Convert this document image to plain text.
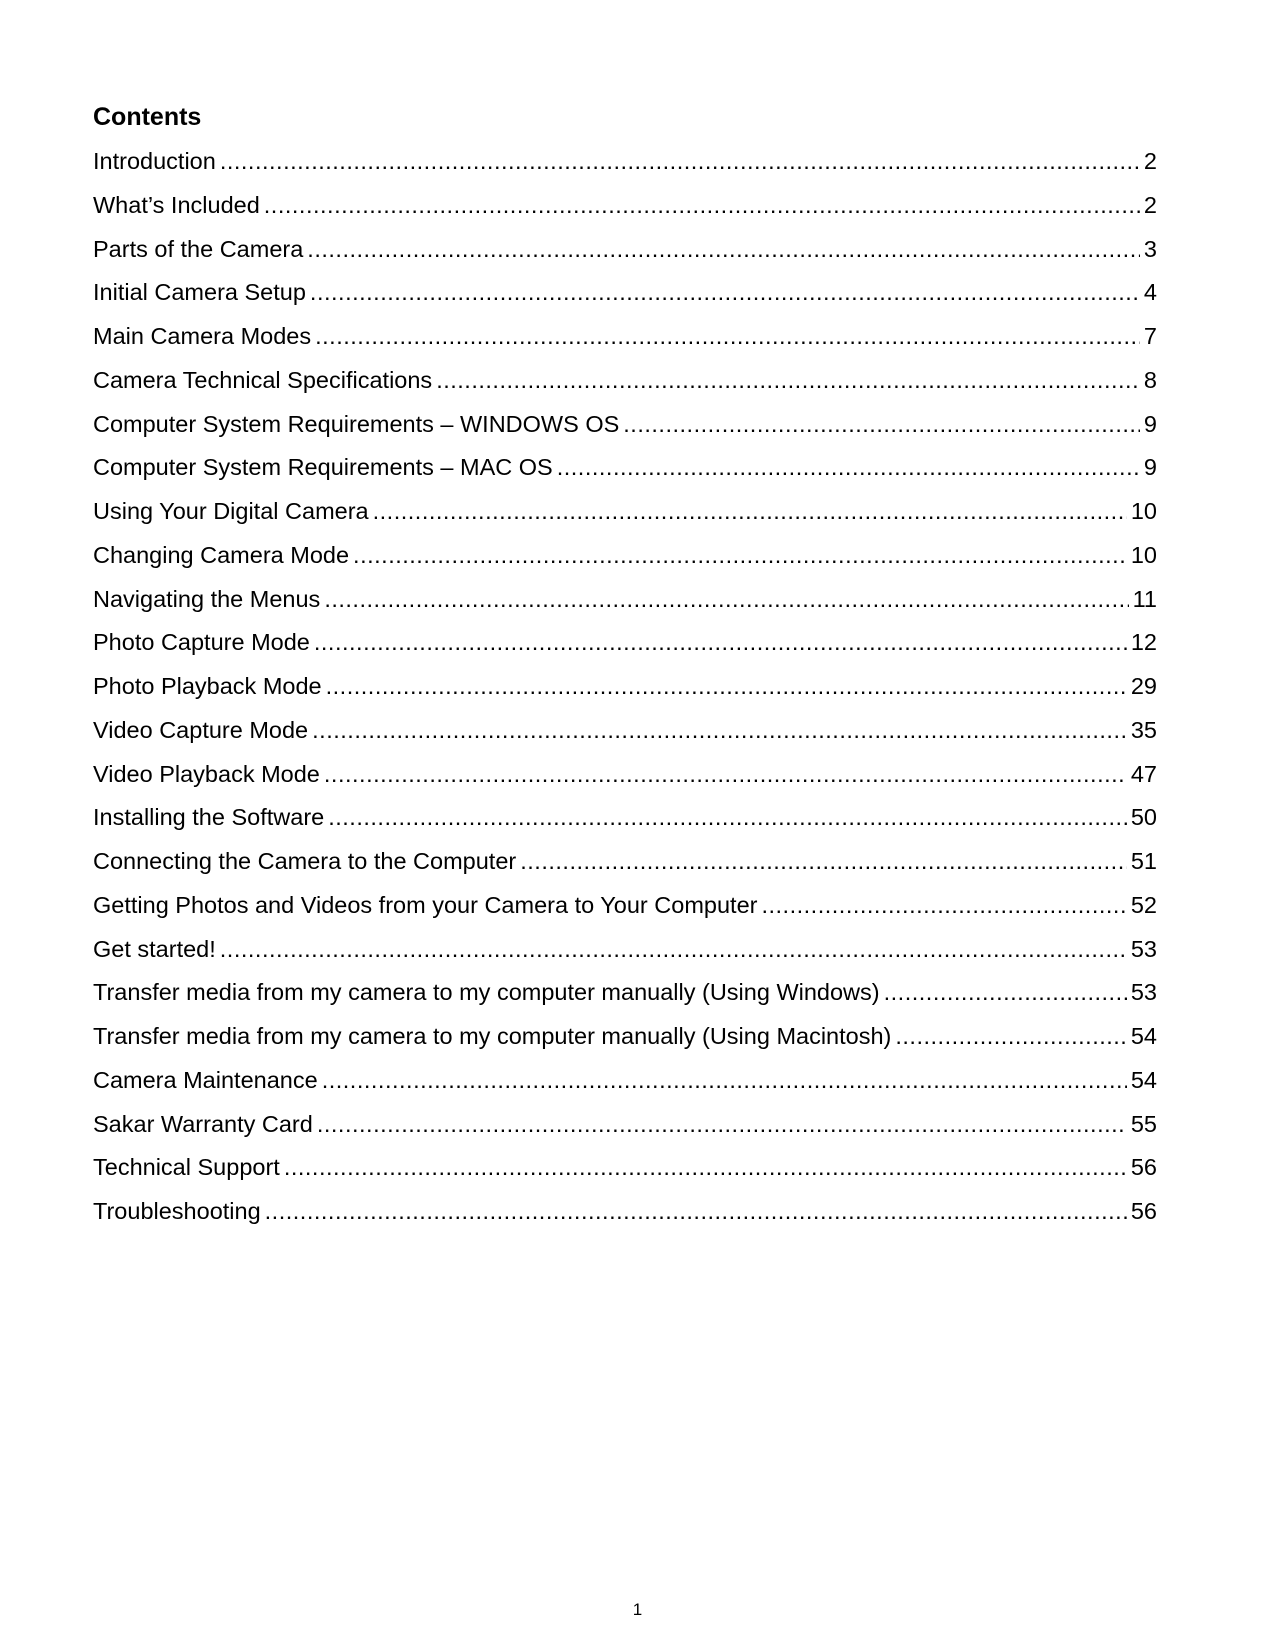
Contents
Introduction .....	2
What’s Included .....	2
Parts of the Camera .....	3
Initial Camera Setup .....	4
Main Camera Modes .....	7
Camera Technical Specifications .....	8
Computer System Requirements – WINDOWS OS .....	9
Computer System Requirements – MAC OS .....	9
Using Your Digital Camera .....	10
Changing Camera Mode .....	10
Navigating the Menus .....	11
Photo Capture Mode .....	12
Photo Playback Mode .....	29
Video Capture Mode .....	35
Video Playback Mode .....	47
Installing the Software .....	50
Connecting the Camera to the Computer .....	51
Getting Photos and Videos from your Camera to Your Computer .....	52
Get started! .....	53
Transfer media from my camera to my computer manually (Using Windows) .....	53
Transfer media from my camera to my computer manually (Using Macintosh) .....	54
Camera Maintenance .....	54
Sakar Warranty Card .....	55
Technical Support .....	56
Troubleshooting .....	56
1
